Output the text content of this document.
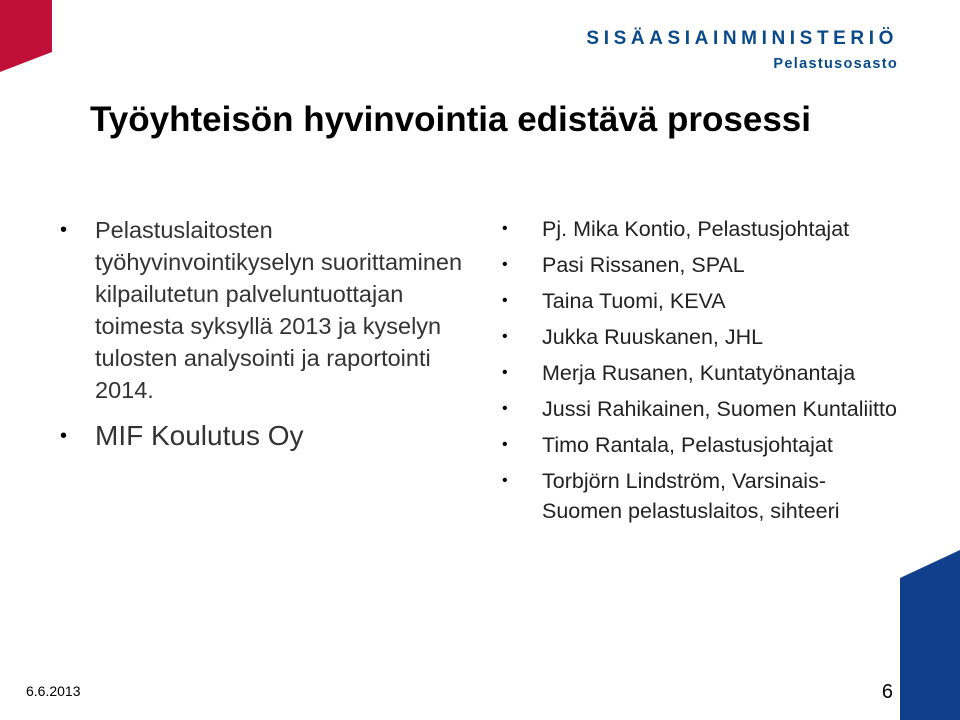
SISÄASIAINMINISTERIÖ
Pelastusosasto
Työyhteisön hyvinvointia edistävä prosessi
• Pelastuslaitosten työhyvinvointikyselyn suorittaminen kilpailutetun palveluntuottajan toimesta syksyllä 2013 ja kyselyn tulosten analysointi ja raportointi 2014.
• MIF Koulutus Oy
• Pj. Mika Kontio, Pelastusjohtajat
• Pasi Rissanen, SPAL
• Taina Tuomi, KEVA
• Jukka Ruuskanen, JHL
• Merja Rusanen, Kuntatyönantaja
• Jussi Rahikainen, Suomen Kuntaliitto
• Timo Rantala, Pelastusjohtajat
• Torbjörn Lindström, Varsinais-Suomen pelastuslaitos, sihteeri
6.6.2013	6
